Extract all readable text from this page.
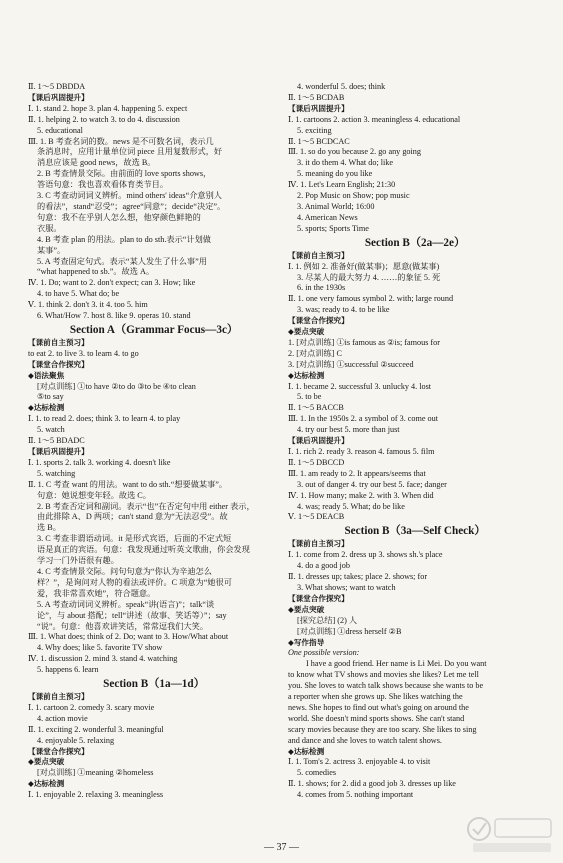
Ⅱ. 1～5 DBDDA
【课后巩固提升】
Ⅰ. 1. stand 2. hope 3. plan 4. happening 5. expect
Ⅱ. 1. helping 2. to watch 3. to do 4. discussion
5. educational
Ⅲ. 1. B 考查名词的数。news 是不可数名词，表示几
条消息时，应用计量单位词 piece 且用复数形式，好
消息应该是 good news，故选 B。
2. B 考查情景交际。由前面的 love sports shows，
答语句意：我也喜欢看体育类节目。
3. C 考查动词词义辨析。mind others' ideas“介意别人
的看法”，stand“忍受”；agree“同意”；decide“决定”。
句意：我不在乎别人怎么想，他穿颜色鲜艳的
衣服。
4. B 考查 plan 的用法。plan to do sth.表示“计划做
某事”。
5. A 考查固定句式。表示“某人发生了什么事”用
“what happened to sb.”。故选 A。
Ⅳ. 1. Do; want to 2. don't expect; can 3. How; like
4. to have 5. What do; be
Ⅴ. 1. think 2. don't 3. it 4. too 5. him
6. What/How 7. host 8. like 9. operas 10. stand
Section A（Grammar Focus—3c）
【课前自主预习】
to eat 2. to live 3. to learn 4. to go
【课堂合作探究】
◆语法聚焦
[对点训练] ①to have ②to do ③to be ④to clean
⑤to say
◆达标检测
Ⅰ. 1. to read 2. does; think 3. to learn 4. to play
5. watch
Ⅱ. 1～5 BDADC
【课后巩固提升】
Ⅰ. 1. sports 2. talk 3. working 4. doesn't like
5. watching
Ⅱ. 1. C 考查 want 的用法。want to do sth.“想要做某事”。
句意：她说想变年轻。故选 C。
2. B 考查否定词和副词。表示“也”在否定句中用 either 表示，
由此排除 A、D 两项；can't stand 意为“无法忍受”。故
选 B。
3. C 考查非谓语动词。it 是形式宾语，后面的不定式短
语是真正的宾语。句意：我发现通过听英文歌曲，你会发现
学习一门外语很有趣。
4. C 考查情景交际。问句句意为“你认为辛迪怎么
样？”，是询问对人物的看法或评价。C 项意为“她很可
爱，我非常喜欢她”，符合题意。
5. A 考查动词词义辨析。speak“讲(语言)”；talk“谈
论”，与 about 搭配；tell“讲述（故事、笑话等）”；say
“说”。句意：他喜欢讲笑话，常常逗我们大笑。
Ⅲ. 1. What does; think of 2. Do; want to 3. How/What about
4. Why does; like 5. favorite TV show
Ⅳ. 1. discussion 2. mind 3. stand 4. watching
5. happens 6. learn
Section B（1a—1d）
【课前自主预习】
Ⅰ. 1. cartoon 2. comedy 3. scary movie
4. action movie
Ⅱ. 1. exciting 2. wonderful 3. meaningful
4. enjoyable 5. relaxing
【课堂合作探究】
◆要点突破
[对点训练] ①meaning ②homeless
◆达标检测
Ⅰ. 1. enjoyable 2. relaxing 3. meaningless
4. wonderful 5. does; think
Ⅱ. 1～5 BCDAB
【课后巩固提升】
Ⅰ. 1. cartoons 2. action 3. meaningless 4. educational
5. exciting
Ⅱ. 1～5 BCDCAC
Ⅲ. 1. so do you because 2. go any going
3. it do them 4. What do; like
5. meaning do you like
Ⅳ. 1. Let's Learn English; 21:30
2. Pop Music on Show; pop music
3. Animal World; 16:00
4. American News
5. sports; Sports Time
Section B（2a—2e）
【课前自主预习】
Ⅰ. 1. 例如 2. 准备好(做某事)；愿意(做某事)
3. 尽某人的最大努力 4. ……的象征 5. 死
6. in the 1930s
Ⅱ. 1. one very famous symbol 2. with; large round
3. was; ready to 4. to be like
【课堂合作探究】
◆要点突破
1. [对点训练] ①is famous as ②is; famous for
2. [对点训练] C
3. [对点训练] ①successful ②succeed
◆达标检测
Ⅰ. 1. became 2. successful 3. unlucky 4. lost
5. to be
Ⅱ. 1～5 BACCB
Ⅲ. 1. In the 1950s 2. a symbol of 3. come out
4. try our best 5. more than just
【课后巩固提升】
Ⅰ. 1. rich 2. ready 3. reason 4. famous 5. film
Ⅱ. 1～5 DBCCD
Ⅲ. 1. am ready to 2. It appears/seems that
3. out of danger 4. try our best 5. face; danger
Ⅳ. 1. How many; make 2. with 3. When did
4. was; ready 5. What; do be like
Ⅴ. 1～5 DEACB
Section B（3a—Self Check）
【课前自主预习】
Ⅰ. 1. come from 2. dress up 3. shows sh.'s place
4. do a good job
Ⅱ. 1. dresses up; takes; place 2. shows; for
3. What shows; want to watch
【课堂合作探究】
◆要点突破
[探究总结] (2) 人
[对点训练] ①dress herself ②B
◆写作指导
One possible version:
I have a good friend. Her name is Li Mei. Do you want
to know what TV shows and movies she likes? Let me tell
you. She loves to watch talk shows because she wants to be
a reporter when she grows up. She likes watching the
news. She hopes to find out what's going on around the
world. She doesn't mind sports shows. She can't stand
scary movies because they are too scary. She likes to sing
and dance and she loves to watch talent shows.
◆达标检测
Ⅰ. 1. Tom's 2. actress 3. enjoyable 4. to visit
5. comedies
Ⅱ. 1. shows; for 2. did a good job 3. dresses up like
4. comes from 5. nothing important
— 37 —
